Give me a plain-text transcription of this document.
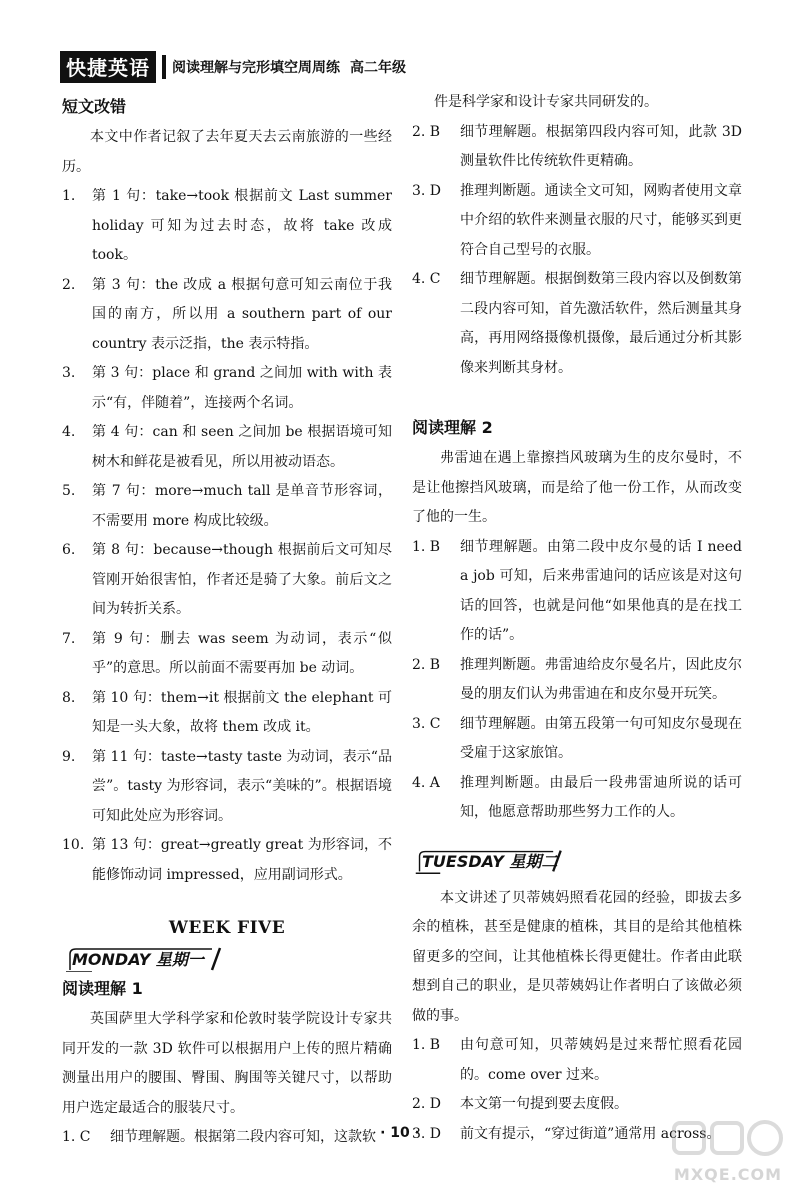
快捷英语	阅读理解与完形填空周周练 高二年级
短文改错

本文中作者记叙了去年夏天去云南旅游的一些经历。

1.	第 1 句：take→took 根据前文 Last summer holiday 可知为过去时态，故将 take 改成 took。
2.	第 3 句：the 改成 a 根据句意可知云南位于我国的南方，所以用 a southern part of our country 表示泛指，the 表示特指。
3.	第 3 句：place 和 grand 之间加 with with 表示“有，伴随着”，连接两个名词。
4.	第 4 句：can 和 seen 之间加 be 根据语境可知树木和鲜花是被看见，所以用被动语态。
5.	第 7 句：more→much tall 是单音节形容词，不需要用 more 构成比较级。
6.	第 8 句：because→though 根据前后文可知尽管刚开始很害怕，作者还是骑了大象。前后文之间为转折关系。
7.	第 9 句：删去 was seem 为动词，表示“似乎”的意思。所以前面不需要再加 be 动词。
8.	第 10 句：them→it 根据前文 the elephant 可知是一头大象，故将 them 改成 it。
9.	第 11 句：taste→tasty taste 为动词，表示“品尝”。tasty 为形容词，表示“美味的”。根据语境可知此处应为形容词。
10. 第 13 句：great→greatly great 为形容词，不能修饰动词 impressed，应用副词形式。
WEEK FIVE
MONDAY 星期一
阅读理解 1

英国萨里大学科学家和伦敦时装学院设计专家共同开发的一款 3D 软件可以根据用户上传的照片精确测量出用户的腰围、臀围、胸围等关键尺寸，以帮助用户选定最适合的服装尺寸。

1. C	细节理解题。根据第二段内容可知，这款软
件是科学家和设计专家共同研发的。
2. B	细节理解题。根据第四段内容可知，此款 3D 测量软件比传统软件更精确。
3. D	推理判断题。通读全文可知，网购者使用文章中介绍的软件来测量衣服的尺寸，能够买到更符合自己型号的衣服。
4. C	细节理解题。根据倒数第三段内容以及倒数第二段内容可知，首先激活软件，然后测量其身高，再用网络摄像机摄像，最后通过分析其影像来判断其身材。
阅读理解 2

弗雷迪在遇上靠擦挡风玻璃为生的皮尔曼时，不是让他擦挡风玻璃，而是给了他一份工作，从而改变了他的一生。

1. B	细节理解题。由第二段中皮尔曼的话 I need a job 可知，后来弗雷迪问的话应该是对这句话的回答，也就是问他“如果他真的是在找工作的话”。
2. B	推理判断题。弗雷迪给皮尔曼名片，因此皮尔曼的朋友们认为弗雷迪在和皮尔曼开玩笑。
3. C	细节理解题。由第五段第一句可知皮尔曼现在受雇于这家旅馆。
4. A	推理判断题。由最后一段弗雷迪所说的话可知，他愿意帮助那些努力工作的人。
TUESDAY 星期二

本文讲述了贝蒂姨妈照看花园的经验，即拔去多余的植株，甚至是健康的植株，其目的是给其他植株留更多的空间，让其他植株长得更健壮。作者由此联想到自己的职业，是贝蒂姨妈让作者明白了该做必须做的事。

1. B	由句意可知，贝蒂姨妈是过来帮忙照看花园的。come over 过来。
2. D	本文第一句提到要去度假。
3. D	前文有提示，“穿过街道”通常用 across。
· 10 ·
MXQE.COM
